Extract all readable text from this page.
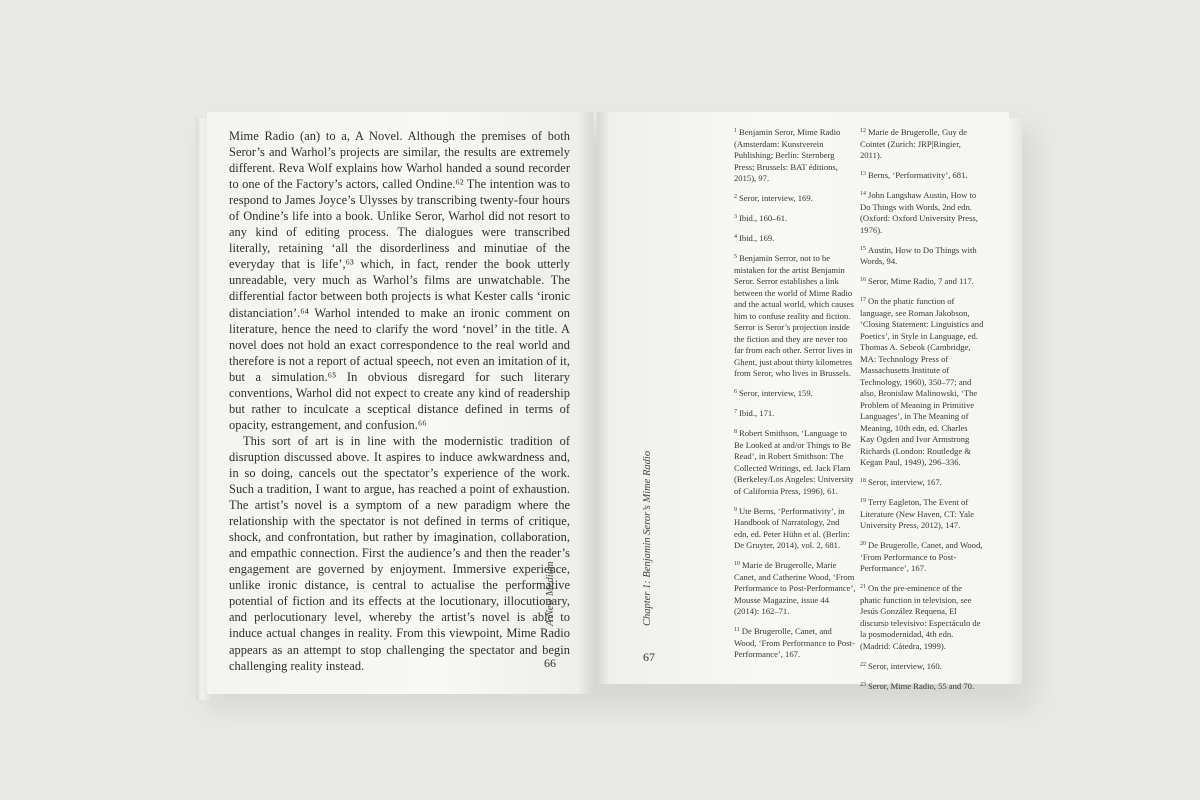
Mime Radio (an) to a, A Novel. Although the premises of both Seror’s and Warhol’s projects are similar, the results are extremely different. Reva Wolf explains how Warhol handed a sound recorder to one of the Factory’s actors, called Ondine.⁶² The intention was to respond to James Joyce’s Ulysses by transcribing twenty-four hours of Ondine’s life into a book. Unlike Seror, Warhol did not resort to any kind of editing process. The dialogues were transcribed literally, retaining ‘all the disorderliness and minutiae of the everyday that is life’,⁶³ which, in fact, render the book utterly unreadable, very much as Warhol’s films are unwatchable. The differential factor between both projects is what Kester calls ‘ironic distanciation’.⁶⁴ Warhol intended to make an ironic comment on literature, hence the need to clarify the word ‘novel’ in the title. A novel does not hold an exact correspondence to the real world and therefore is not a report of actual speech, not even an imitation of it, but a simulation.⁶⁵ In obvious disregard for such literary conventions, Warhol did not expect to create any kind of readership but rather to inculcate a sceptical distance defined in terms of opacity, estrangement, and confusion.⁶⁶

This sort of art is in line with the modernistic tradition of disruption discussed above. It aspires to induce awkwardness and, in so doing, cancels out the spectator’s experience of the work. Such a tradition, I want to argue, has reached a point of exhaustion. The artist’s novel is a symptom of a new paradigm where the relationship with the spectator is not defined in terms of critique, shock, and confrontation, but rather by imagination, collaboration, and empathic connection. First the audience’s and then the reader’s engagement are governed by enjoyment. Immersive experience, unlike ironic distance, is central to actualise the performative potential of fiction and its effects at the locutionary, illocutionary, and perlocutionary level, whereby the artist’s novel is able to induce actual changes in reality. From this viewpoint, Mime Radio appears as an attempt to stop challenging the spectator and begin challenging reality instead.

A New Medium
66
Chapter 1: Benjamin Seror’s Mime Radio
67
$^1$ Benjamin Seror, Mime Radio (Amsterdam: Kunstverein Publishing; Berlin: Sternberg Press; Brussels: BAT éditions, 2015), 97.
$^2$ Seror, interview, 169.
$^3$ Ibid., 160–61.
$^4$ Ibid., 169.
$^5$ Benjamin Serror, not to be mistaken for the artist Benjamin Seror. Serror establishes a link between the world of Mime Radio and the actual world, which causes him to confuse reality and fiction. Serror is Seror’s projection inside the fiction and they are never too far from each other. Serror lives in Ghent, just about thirty kilometres from Seror, who lives in Brussels.
$^6$ Seror, interview, 159.
$^7$ Ibid., 171.
$^8$ Robert Smithson, ‘Language to Be Looked at and/or Things to Be Read’, in Robert Smithson: The Collected Writings, ed. Jack Flam (Berkeley/Los Angeles: University of California Press, 1996), 61.
$^9$ Ute Berns, ‘Performativity’, in Handbook of Narratology, 2nd edn, ed. Peter Hühn et al. (Berlin: De Gruyter, 2014), vol. 2, 681.
$^{10}$ Marie de Brugerolle, Marie Canet, and Catherine Wood, ‘From Performance to Post-Performance’, Mousse Magazine, issue 44 (2014): 162–71.
$^{11}$ De Brugerolle, Canet, and Wood, ‘From Performance to Post-Performance’, 167.
$^{12}$ Marie de Brugerolle, Guy de Cointet (Zurich: JRP|Ringier, 2011).
$^{13}$ Berns, ‘Performativity’, 681.
$^{14}$ John Langshaw Austin, How to Do Things with Words, 2nd edn. (Oxford: Oxford University Press, 1976).
$^{15}$ Austin, How to Do Things with Words, 94.
$^{16}$ Seror, Mime Radio, 7 and 117.
$^{17}$ On the phatic function of language, see Roman Jakobson, ‘Closing Statement: Linguistics and Poetics’, in Style in Language, ed. Thomas A. Sebeok (Cambridge, MA: Technology Press of Massachusetts Institute of Technology, 1960), 350–77; and also, Bronislaw Malinowski, ‘The Problem of Meaning in Primitive Languages’, in The Meaning of Meaning, 10th edn, ed. Charles Kay Ogden and Ivor Armstrong Richards (London: Routledge & Kegan Paul, 1949), 296–336.
$^{18}$ Seror, interview, 167.
$^{19}$ Terry Eagleton, The Event of Literature (New Haven, CT: Yale University Press, 2012), 147.
$^{20}$ De Brugerolle, Canet, and Wood, ‘From Performance to Post- Performance’, 167.
$^{21}$ On the pre-eminence of the phatic function in television, see Jesús González Requena, El discurso televisivo: Espectáculo de la posmodernidad, 4th edn. (Madrid: Cátedra, 1999).
$^{22}$ Seror, interview, 160.
$^{23}$ Seror, Mime Radio, 55 and 70.
